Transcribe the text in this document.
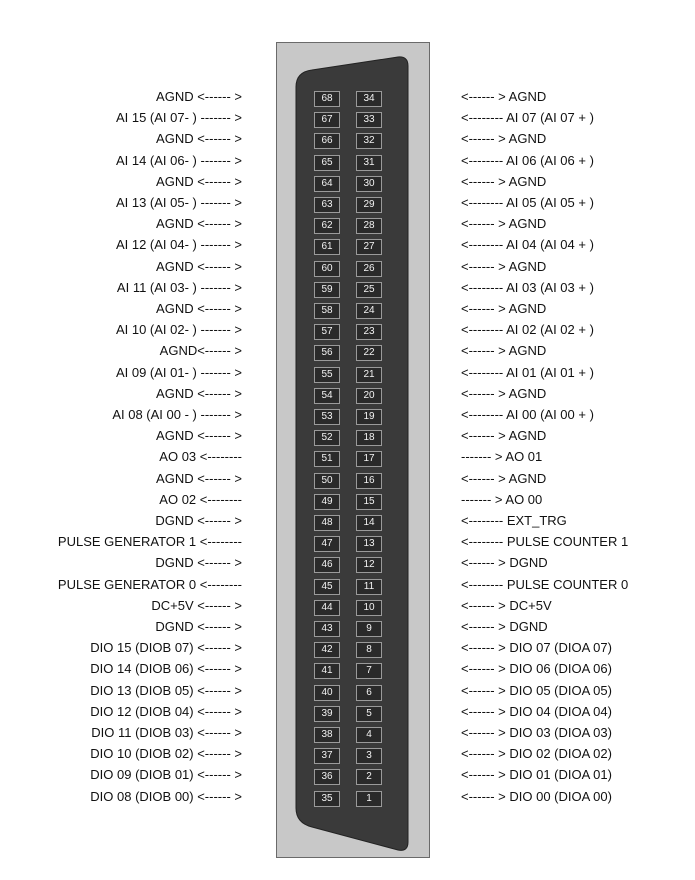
AGND <------ >	68	34	<------ > AGND
AI 15 (AI 07- ) ------- >	67	33	<-------- AI 07 (AI 07 + )
AGND <------ >	66	32	<------ > AGND
AI 14 (AI 06- ) ------- >	65	31	<-------- AI 06 (AI 06 + )
AGND <------ >	64	30	<------ > AGND
AI 13 (AI 05- ) ------- >	63	29	<-------- AI 05 (AI 05 + )
AGND <------ >	62	28	<------ > AGND
AI 12 (AI 04- ) ------- >	61	27	<-------- AI 04 (AI 04 + )
AGND <------ >	60	26	<------ > AGND
AI 11 (AI 03- ) ------- >	59	25	<-------- AI 03 (AI 03 + )
AGND <------ >	58	24	<------ > AGND
AI 10 (AI 02- ) ------- >	57	23	<-------- AI 02 (AI 02 + )
AGND<------ >	56	22	<------ > AGND
AI 09 (AI 01- ) ------- >	55	21	<-------- AI 01 (AI 01 + )
AGND <------ >	54	20	<------ > AGND
AI 08 (AI 00 - ) ------- >	53	19	<-------- AI 00 (AI 00 + )
AGND <------ >	52	18	<------ > AGND
AO 03 <--------	51	17	------- > AO 01
AGND <------ >	50	16	<------ > AGND
AO 02 <--------	49	15	------- > AO 00
DGND <------ >	48	14	<-------- EXT_TRG
PULSE GENERATOR 1 <--------	47	13	<-------- PULSE COUNTER 1
DGND <------ >	46	12	<------ > DGND
PULSE GENERATOR 0 <--------	45	11	<-------- PULSE COUNTER 0
DC+5V <------ >	44	10	<------ > DC+5V
DGND <------ >	43	9	<------ > DGND
DIO 15 (DIOB 07) <------ >	42	8	<------ > DIO 07 (DIOA 07)
DIO 14 (DIOB 06) <------ >	41	7	<------ > DIO 06 (DIOA 06)
DIO 13 (DIOB 05) <------ >	40	6	<------ > DIO 05 (DIOA 05)
DIO 12 (DIOB 04) <------ >	39	5	<------ > DIO 04 (DIOA 04)
DIO 11 (DIOB 03) <------ >	38	4	<------ > DIO 03 (DIOA 03)
DIO 10 (DIOB 02) <------ >	37	3	<------ > DIO 02 (DIOA 02)
DIO 09 (DIOB 01) <------ >	36	2	<------ > DIO 01 (DIOA 01)
DIO 08 (DIOB 00) <------ >	35	1	<------ > DIO 00 (DIOA 00)
